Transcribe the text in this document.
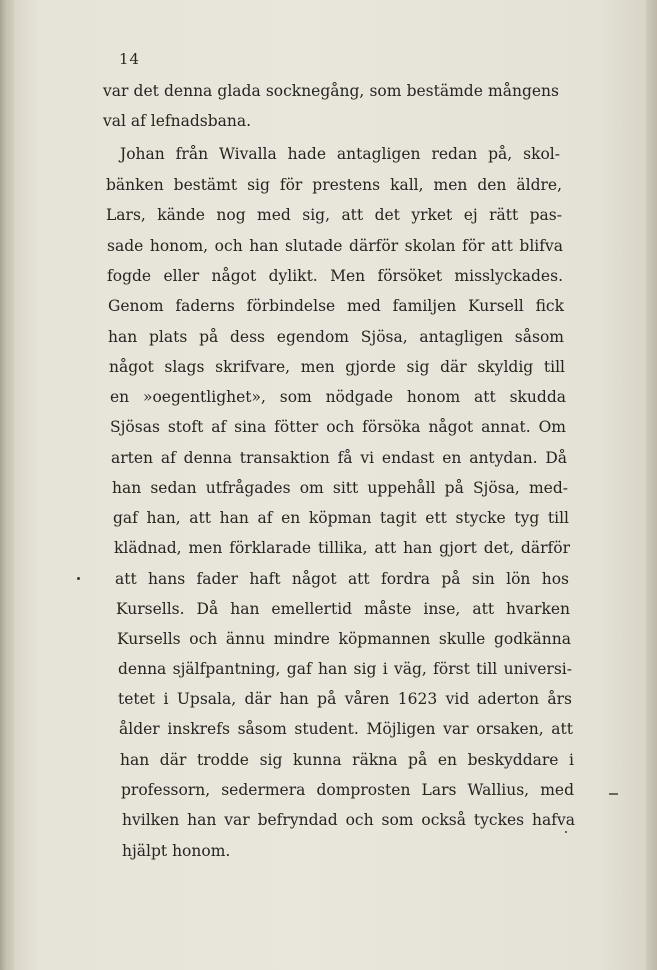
14
var det denna glada socknegång, som bestämde mångens
val af lefnadsbana.
Johan från Wivalla hade antagligen redan på, skol-
bänken bestämt sig för prestens kall, men den äldre,
Lars, kände nog med sig, att det yrket ej rätt pas-
sade honom, och han slutade därför skolan för att blifva
fogde eller något dylikt. Men försöket misslyckades.
Genom faderns förbindelse med familjen Kursell fick
han plats på dess egendom Sjösa, antagligen såsom
något slags skrifvare, men gjorde sig där skyldig till
en »oegentlighet», som nödgade honom att skudda
Sjösas stoft af sina fötter och försöka något annat. Om
arten af denna transaktion få vi endast en antydan. Då
han sedan utfrågades om sitt uppehåll på Sjösa, med-
gaf han, att han af en köpman tagit ett stycke tyg till
klädnad, men förklarade tillika, att han gjort det, därför
att hans fader haft något att fordra på sin lön hos
Kursells. Då han emellertid måste inse, att hvarken
Kursells och ännu mindre köpmannen skulle godkänna
denna själfpantning, gaf han sig i väg, först till universi-
tetet i Upsala, där han på våren 1623 vid aderton års
ålder inskrefs såsom student. Möjligen var orsaken, att
han där trodde sig kunna räkna på en beskyddare i
professorn, sedermera domprosten Lars Wallius, med
hvilken han var befryndad och som också tyckes hafva
hjälpt honom.
